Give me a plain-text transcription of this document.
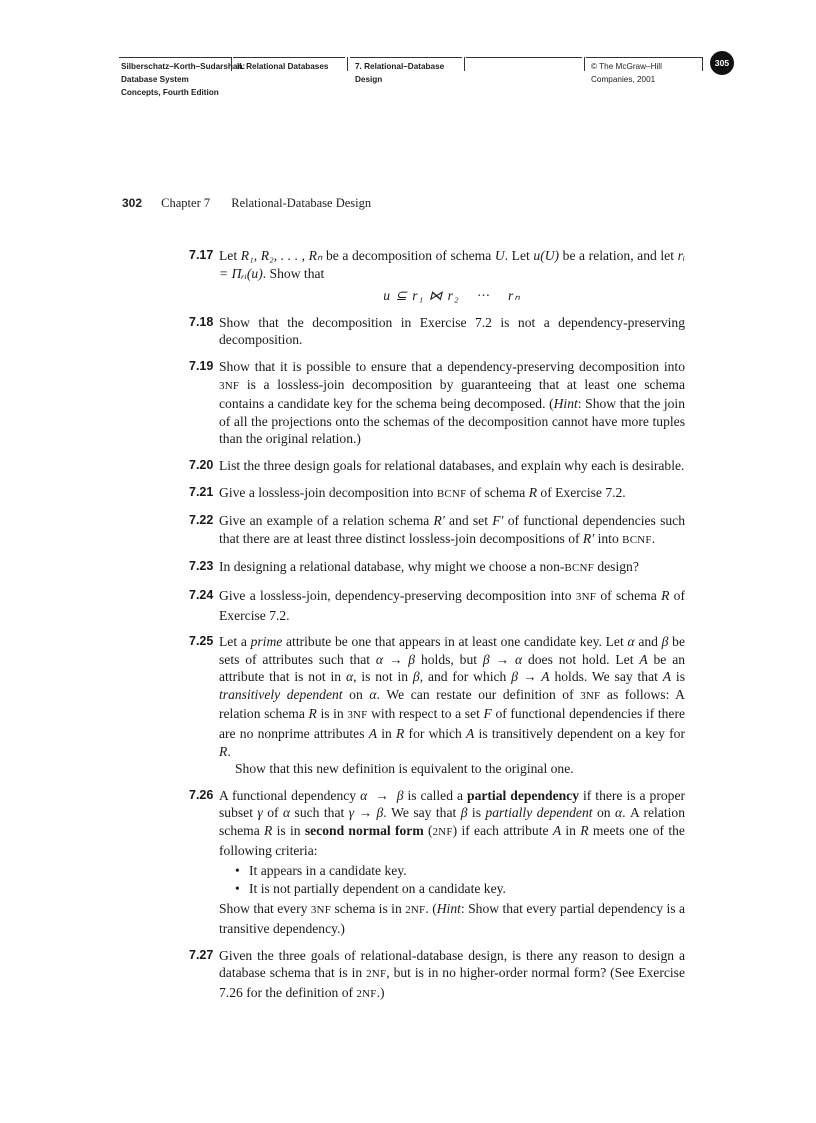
Silberschatz–Korth–Sudarshan:
Database System
Concepts, Fourth Edition
II. Relational Databases	7. Relational–Database
Design
© The McGraw–Hill
Companies, 2001
305
302 Chapter 7 Relational-Database Design
7.17 Let R₁, R₂, . . . , Rₙ be a decomposition of schema U. Let u(U) be a relation, and let rᵢ = Πᵣᵢ(u). Show that

u ⊆ r₁ ⋈ r₂    ···    rₙ
7.18 Show that the decomposition in Exercise 7.2 is not a dependency-preserving decomposition.

7.19 Show that it is possible to ensure that a dependency-preserving decomposition into 3NF is a lossless-join decomposition by guaranteeing that at least one schema contains a candidate key for the schema being decomposed. (Hint: Show that the join of all the projections onto the schemas of the decomposition cannot have more tuples than the original relation.)

7.20 List the three design goals for relational databases, and explain why each is desirable.

7.21 Give a lossless-join decomposition into BCNF of schema R of Exercise 7.2.

7.22 Give an example of a relation schema R′ and set F′ of functional dependencies such that there are at least three distinct lossless-join decompositions of R′ into BCNF.

7.23 In designing a relational database, why might we choose a non-BCNF design?

7.24 Give a lossless-join, dependency-preserving decomposition into 3NF of schema R of Exercise 7.2.

7.25 Let a prime attribute be one that appears in at least one candidate key. Let α and β be sets of attributes such that α → β holds, but β → α does not hold. Let A be an attribute that is not in α, is not in β, and for which β → A holds. We say that A is transitively dependent on α. We can restate our definition of 3NF as follows: A relation schema R is in 3NF with respect to a set F of functional dependencies if there are no nonprime attributes A in R for which A is transitively dependent on a key for R.

Show that this new definition is equivalent to the original one.

7.26 A functional dependency α  →  β is called a partial dependency if there is a proper subset γ of α such that γ → β. We say that β is partially dependent on α. A relation schema R is in second normal form (2NF) if each attribute A in R meets one of the following criteria:

• It appears in a candidate key.
• It is not partially dependent on a candidate key.

Show that every 3NF schema is in 2NF. (Hint: Show that every partial dependency is a transitive dependency.)

7.27 Given the three goals of relational-database design, is there any reason to design a database schema that is in 2NF, but is in no higher-order normal form? (See Exercise 7.26 for the definition of 2NF.)
